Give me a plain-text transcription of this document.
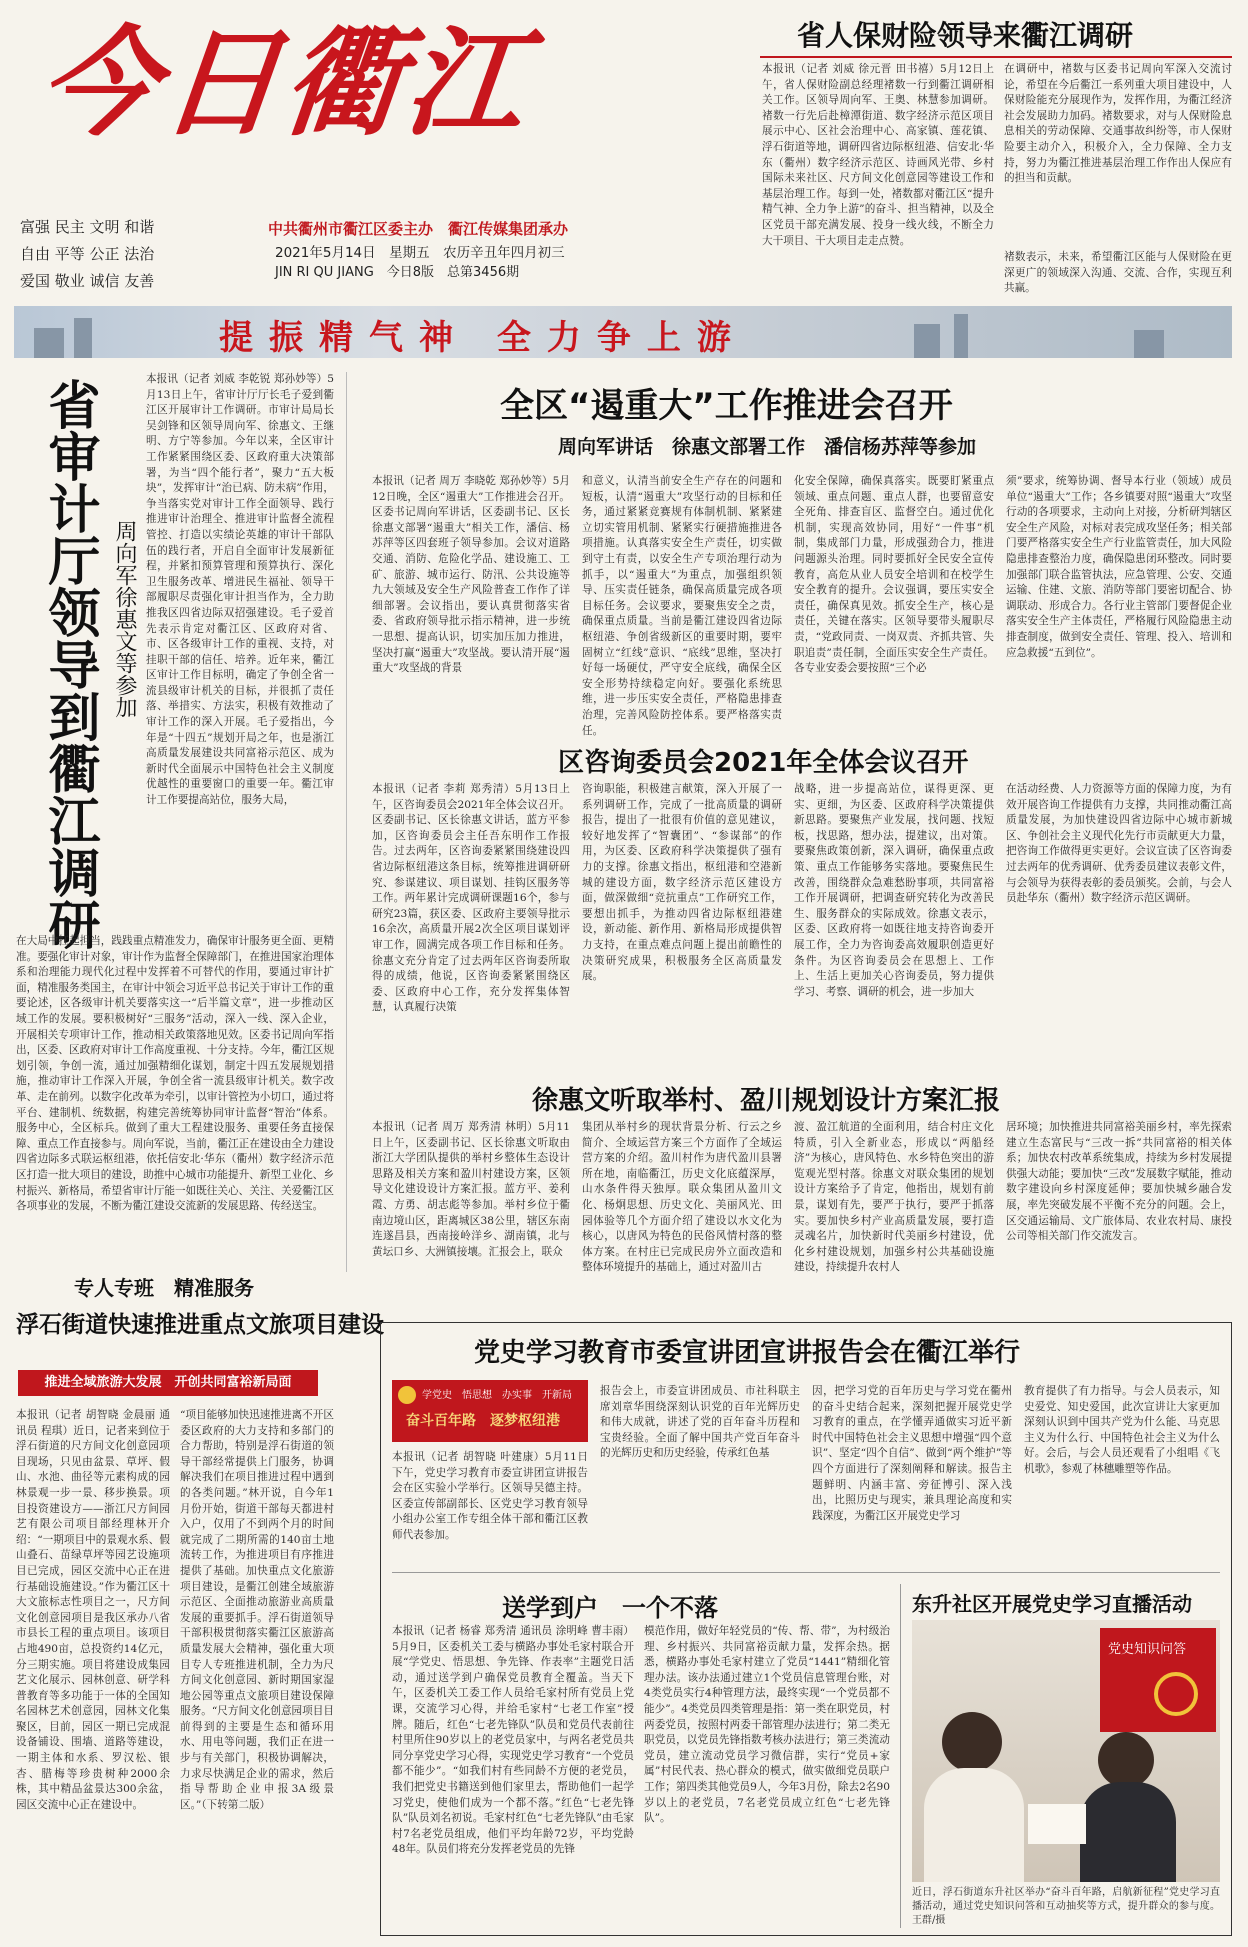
今日衢江
富强 民主 文明 和谐
自由 平等 公正 法治
爱国 敬业 诚信 友善
中共衢州市衢江区委主办　衢江传媒集团承办
2021年5月14日　星期五　农历辛丑年四月初三
JIN RI QU JIANG　今日8版　总第3456期
省人保财险领导来衢江调研
本报讯（记者 刘威 徐元晋 田书禧）5月12日上午，省人保财险副总经理褚数一行到衢江调研相关工作。区领导周向军、王奥、林慧参加调研。褚数一行先后赴樟潭街道、数字经济示范区项目展示中心、区社会治理中心、高家镇、莲花镇、浮石街道等地，调研四省边际枢纽港、信安北·华东（衢州）数字经济示范区、诗画风光带、乡村国际未来社区、尺方间文化创意园等建设工作和基层治理工作。每到一处，褚数都对衢江区“提升精气神、全力争上游”的奋斗、担当精神，以及全区党员干部充满发展、投身一线火线，不断全力大干项目、干大项目走走点赞。
在调研中，褚数与区委书记周向军深入交流讨论，希望在今后衢江一系列重大项目建设中，人保财险能充分展现作为，发挥作用，为衢江经济社会发展助力加码。褚数要求，对与人保财险息息相关的劳动保障、交通事故纠纷等，市人保财险要主动介入，积极介入，全力保障、全力支持，努力为衢江推进基层治理工作作出人保应有的担当和贡献。
褚数表示，未来，希望衢江区能与人保财险在更深更广的领域深入沟通、交流、合作，实现互利共赢。
提振精气神 全力争上游
省审计厅领导到衢江调研 周向军徐惠文等参加
本报讯（记者 刘威 李乾锐 郑孙妙等）5月13日上午，省审计厅厅长毛子爱到衢江区开展审计工作调研。市审计局局长吴剑锋和区领导周向军、徐惠文、王继明、方宁等参加。今年以来，全区审计工作紧紧围绕区委、区政府重大决策部署，为当“四个能行者”，聚力“五大板块”，发挥审计“治已病、防未病”作用，争当落实党对审计工作全面领导、践行推进审计治理全、推进审计监督全流程管控、打造以实绩论英雄的审计干部队伍的践行者，开启自全面审计发展新征程，并紧扣预算管理和预算执行、深化卫生服务改革、增进民生福祉、领导干部履职尽责强化审计担当作为，全力助推我区四省边际双招强建设。毛子爱首先表示肯定对衢江区、区政府对省、市、区各级审计工作的重视、支持，对挂职干部的信任、培养。近年来，衢江区审计工作目标明，确定了争创全省一流县级审计机关的目标，并很抓了责任落、举措实、方法实，积极有效推动了审计工作的深入开展。毛子爱指出，今年是“十四五”规划开局之年，也是浙江高质量发展建设共同富裕示范区、成为新时代全面展示中国特色社会主义制度优越性的重要窗口的重要一年。衢江审计工作要提高站位，服务大局，
在大局中扛起担当，践践重点精准发力，确保审计服务更全面、更精准。要强化审计对象，审计作为监督全保障部门，在推进国家治理体系和治理能力现代化过程中发挥着不可替代的作用，要通过审计扩面，精准服务类国主，在审计中领会习近平总书记关于审计工作的重要论述，区各级审计机关要落实这一“后半篇文章”，进一步推动区域工作的发展。要积极树好“三服务”活动，深入一线、深入企业，开展相关专项审计工作，推动相关政策落地见效。区委书记周向军指出，区委、区政府对审计工作高度重视、十分支持。今年，衢江区规划引领，争创一流，通过加强精细化谋划，制定十四五发展规划措施，推动审计工作深入开展，争创全省一流县级审计机关。数字改革、走在前列。以数字化改革为牵引，以审计管控为小切口，通过将平台、建制机、统数据，构建完善统筹协同审计监督“智治”体系。服务中心，全区标兵。做到了重大工程建设服务、重要任务直接保障、重点工作直接参与。周向军说，当前，衢江正在建设由全力建设四省边际多式联运枢纽港，依托信安北·华东（衢州）数字经济示范区打造一批大项目的建设，助推中心城市功能提升、新型工业化、乡村振兴、新格局，希望省审计厅能一如既往关心、关注、关爱衢江区各项事业的发展，不断为衢江建设交流新的发展思路、传经送宝。
全区“遏重大”工作推进会召开
周向军讲话　徐惠文部署工作　潘信杨苏萍等参加
本报讯（记者 周万 李晓乾 郑孙妙等）5月12日晚，全区“遏重大”工作推进会召开。区委书记周向军讲话，区委副书记、区长徐惠文部署“遏重大”相关工作，潘信、杨苏萍等区四套班子领导参加。会议对道路交通、消防、危险化学品、建设施工、工矿、旅游、城市运行、防汛、公共设施等九大领域及安全生产风险普查工作作了详细部署。会议指出，要认真贯彻落实省委、省政府领导批示指示精神，进一步统一思想、提高认识，切实加压加力推进，坚决打赢“遏重大”攻坚战。要认清开展“遏重大”攻坚战的背景
和意义，认清当前安全生产存在的问题和短板，认清“遏重大”攻坚行动的目标和任务，通过紧紧竞赛规有体制机制、紧紧建立切实管用机制、紧紧实行硬措施推进各项措施。认真落实安全生产责任，切实做到守土有责，以安全生产专项治理行动为抓手，以“遏重大”为重点，加强组织领导、压实责任链条，确保高质量完成各项目标任务。会议要求，要聚焦安全之责，确保重点质量。当前是衢江建设四省边际枢纽港、争创省级新区的重要时期，要牢固树立“红线”意识、“底线”思维，坚决打好每一场硬仗，严守安全底线，确保全区安全形势持续稳定向好。要强化系统思维，进一步压实安全责任，严格隐患排查治理，完善风险防控体系。要严格落实责任。
化安全保障，确保真落实。既要盯紧重点领域、重点问题、重点人群，也要留意安全死角、排查盲区、监督空白。通过优化机制，实现高效协同，用好“一件事”机制，集成部门力量，形成强劲合力，推进问题源头治理。同时要抓好全民安全宣传教育，高危从业人员安全培训和在校学生安全教育的提升。会议强调，要压实安全责任，确保真见效。抓安全生产，核心是责任，关键在落实。区领导要带头履职尽责，“党政同责、一岗双责、齐抓共管、失职追责”责任制，全面压实安全生产责任。各专业安委会要按照“三个必
须”要求，统筹协调、督导本行业（领域）成员单位“遏重大”工作；各乡镇要对照“遏重大”攻坚行动的各项要求，主动向上对接，分析研判辖区安全生产风险，对标对表完成攻坚任务；相关部门要严格落实安全生产行业监管责任，加大风险隐患排查整治力度，确保隐患闭环整改。同时要加强部门联合监管执法，应急管理、公安、交通运输、住建、文旅、消防等部门要密切配合、协调联动、形成合力。各行业主管部门要督促企业落实安全生产主体责任，严格履行风险隐患主动排查制度，做到安全责任、管理、投入、培训和应急救援“五到位”。
区咨询委员会2021年全体会议召开
本报讯（记者 李莉 郑秀清）5月13日上午，区咨询委员会2021年全体会议召开。区委副书记、区长徐惠文讲话，蓝方平参加，区咨询委员会主任吾东明作工作报告。过去两年，区咨询委紧紧围绕建设四省边际枢纽港这条目标，统筹推进调研研究、参谋建议、项目谋划、挂钩区服务等工作。两年累计完成调研课题16个，参与研究23篇，获区委、区政府主要领导批示16余次，高质量开展2次全区项目谋划评审工作，圆满完成各项工作目标和任务。徐惠文充分肯定了过去两年区咨询委所取得的成绩，他说，区咨询委紧紧围绕区委、区政府中心工作，充分发挥集体智慧，认真履行决策
咨询职能，积极建言献策，深入开展了一系列调研工作，完成了一批高质量的调研报告，提出了一批很有价值的意见建议，较好地发挥了“智囊团”、“参谋部”的作用，为区委、区政府科学决策提供了强有力的支撑。徐惠文指出，枢纽港和空港新城的建设方面，数字经济示范区建设方面，做深做细“竞抗重点”工作研究工作，要想出抓手，为推动四省边际枢纽港建设，新动能、新作用、新格局形成提供智力支持，在重点难点问题上提出前瞻性的决策研究成果，积极服务全区高质量发展。
战略，进一步提高站位，谋得更深、更实、更细，为区委、区政府科学决策提供新思路。要聚焦产业发展，找问题、找短板，找思路，想办法，提建议，出对策。要聚焦政策创新，深入调研，确保重点政策、重点工作能够务实落地。要聚焦民生改善，围绕群众急难愁盼事项，共同富裕工作开展调研，把调查研究转化为改善民生、服务群众的实际成效。徐惠文表示，区委、区政府将一如既往地支持咨询委开展工作，全力为咨询委高效履职创造更好条件。为区咨询委员会在思想上、工作上、生活上更加关心咨询委员，努力提供学习、考察、调研的机会，进一步加大
在活动经费、人力资源等方面的保障力度，为有效开展咨询工作提供有力支撑，共同推动衢江高质量发展，为加快建设四省边际中心城市新城区、争创社会主义现代化先行市贡献更大力量，把咨询工作做得更实更好。会议宣读了区咨询委过去两年的优秀调研、优秀委员建议表彰文件，与会领导为获得表彰的委员颁奖。会前，与会人员赴华东（衢州）数字经济示范区调研。
徐惠文听取举村、盈川规划设计方案汇报
本报讯（记者 周万 郑秀清 林明）5月11日上午，区委副书记、区长徐惠文听取由浙江大学团队提供的举村乡整体生态设计思路及相关方案和盈川村建设方案，区领导文化建设设计方案汇报。蓝方平、姜利霞、方勇、胡志彪等参加。举村乡位于衢南边境山区，距离城区38公里，辖区东南连遂昌县，西南接岭洋乡、湖南镇，北与黄坛口乡、大洲镇接壤。汇报会上，联众
集团从举村乡的现状背景分析、行云之乡简介、全域运营方案三个方面作了全域运营方案的介绍。盈川村作为唐代盈川县署所在地，南临衢江，历史文化底蕴深厚，山水条件得天独厚。联众集团从盈川文化、杨炯思想、历史文化、美丽风光、田园体验等几个方面介绍了建设以水文化为核心，以唐风为特色的民俗风情村落的整体方案。在村庄已完成民房外立面改造和整体环境提升的基础上，通过对盈川古
渡、盈江航道的全面利用，结合村庄文化特质，引入全新业态，形成以“两船经济”为核心，唐风特色、水乡特色突出的游览观光型村落。徐惠文对联众集团的规划设计方案给予了肯定，他指出，规划有前景，谋划有先，要严于执行，要严于抓落实。要加快乡村产业高质量发展，要打造灵魂名片，加快新时代美丽乡村建设，优化乡村建设规划，加强乡村公共基础设施建设，持续提升农村人
居环境；加快推进共同富裕美丽乡村，率先探索建立生态富民与“三改一拆”共同富裕的相关体系；加快农村改革系统集成，持续为乡村发展提供强大动能；要加快“三改”发展数字赋能，推动数字建设向乡村深度延伸；要加快城乡融合发展，率先突破发展不平衡不充分的问题。会上，区交通运输局、文广旅体局、农业农村局、康投公司等相关部门作交流发言。
专人专班　精准服务
浮石街道快速推进重点文旅项目建设
推进全域旅游大发展　开创共同富裕新局面
本报讯（记者 胡智晓 金晨丽 通讯员 程琪）近日，记者来到位于浮石街道的尺方间文化创意园项目现场，只见由盆景、草坪、假山、水池、曲径等元素构成的园林景观一步一景、移步换景。项目投资建设方——浙江尺方间园艺有限公司项目部经理林开介绍：“一期项目中的景观水系、假山叠石、苗绿草坪等园艺设施项目已完成，园区交流中心正在进行基础设施建设。”作为衢江区十大文旅标志性项目之一，尺方间文化创意园项目是我区承办八省市县长工程的重点项目。该项目占地490亩，总投资约14亿元，分三期实施。项目将建设成集园艺文化展示、园林创意、研学科普教育等多功能于一体的全国知名园林艺术创意园，园林文化集聚区，目前，园区一期已完成混设备铺设、围墙、道路等建设，一期主体和水系、罗汉松、银杏、腊梅等珍贵树种2000余株，其中精品盆景达300余盆，园区交流中心正在建设中。
“项目能够加快迅速推进离不开区委区政府的大力支持和多部门的合力帮助，特别是浮石街道的领导干部经常提供上门服务，协调解决我们在项目推进过程中遇到的各类问题。”林开说，自今年1月份开始，街道干部每天都进村入户，仅用了不到两个月的时间就完成了二期所需的140亩土地流转工作，为推进项目有序推进提供了基础。加快重点文化旅游项目建设，是衢江创建全域旅游示范区、全面推动旅游业高质量发展的重要抓手。浮石街道领导干部积极贯彻落实衢江区旅游高质量发展大会精神，强化重大项目专人专班推进机制，全力为尺方间文化创意园、新时期国家湿地公园等重点文旅项目建设保障服务。“尺方间文化创意园项目目前得到的主要是生态和循环用水、用电等问题，我们正在进一步与有关部门，积极协调解决，力求尽快满足企业的需求，然后指导帮助企业申报3A级景区。”（下转第二版）
党史学习教育市委宣讲团宣讲报告会在衢江举行
学党史　悟思想　办实事　开新局
奋斗百年路　逐梦枢纽港
本报讯（记者 胡智晓 叶建康）5月11日下午，党史学习教育市委宣讲团宣讲报告会在区实验小学举行。区领导吴德主持。区委宣传部副部长、区党史学习教育领导小组办公室工作专组全体干部和衢江区教师代表参加。
报告会上，市委宣讲团成员、市社科联主席刘章华围绕深刻认识党的百年光辉历史和伟大成就，讲述了党的百年奋斗历程和宝贵经验。全面了解中国共产党百年奋斗的光辉历史和历史经验，传承红色基
因，把学习党的百年历史与学习党在衢州的奋斗史结合起来，深刻把握开展党史学习教育的重点，在学懂弄通做实习近平新时代中国特色社会主义思想中增强“四个意识”、坚定“四个自信”、做到“两个维护”等四个方面进行了深刻阐释和解读。报告主题鲜明、内涵丰富、旁征博引、深入浅出，比照历史与现实，兼具理论高度和实践深度，为衢江区开展党史学习
教育提供了有力指导。与会人员表示，知史爱党、知史爱国，此次宣讲让大家更加深刻认识到中国共产党为什么能、马克思主义为什么行、中国特色社会主义为什么好。会后，与会人员还观看了小组唱《飞机歌》，参观了林穗雕塑等作品。
送学到户　一个不落
本报讯（记者 杨睿 郑秀清 通讯员 涂明峰 曹丰雨）5月9日，区委机关工委与横路办事处毛家村联合开展“学党史、悟思想、争先锋、作表率”主题党日活动，通过送学到户确保党员教育全覆盖。当天下午，区委机关工委工作人员给毛家村所有党员上党课，交流学习心得，并给毛家村“七老工作室”授牌。随后，红色“七老先锋队”队员和党员代表前往村里所住90岁以上的老党员家中，与两名老党员共同分享党史学习心得，实现党史学习教育“一个党员都不能少”。“如我们村有些同龄不方便的老党员，我们把党史书籍送到他们家里去，帮助他们一起学习党史，使他们成为一个都不落。”红色“七老先锋队”队员刘名初说。毛家村红色“七老先锋队”由毛家村7名老党员组成，他们平均年龄72岁，平均党龄48年。队员们将充分发挥老党员的先锋
模范作用，做好年轻党员的“传、帮、带”，为村级治理、乡村振兴、共同富裕贡献力量，发挥余热。据悉，横路办事处毛家村建立了党员“1441”精细化管理办法。该办法通过建立1个党员信息管理台账，对4类党员实行4种管理方法，最终实现“一个党员都不能少”。4类党员四类管理是指：第一类在职党员，村两委党员，按照村两委干部管理办法进行；第二类无职党员，以党员先锋指数考核办法进行；第三类流动党员，建立流动党员学习微信群，实行“党员+家属”村民代表、热心群众的模式，做实做细党员联户工作；第四类其他党员9人，今年3月份，除去2名90岁以上的老党员，7名老党员成立红色“七老先锋队”。
东升社区开展党史学习直播活动
党史知识问答
近日，浮石街道东升社区举办“奋斗百年路，启航新征程”党史学习直播活动，通过党史知识问答和互动抽奖等方式，提升群众的参与度。 王群/摄
